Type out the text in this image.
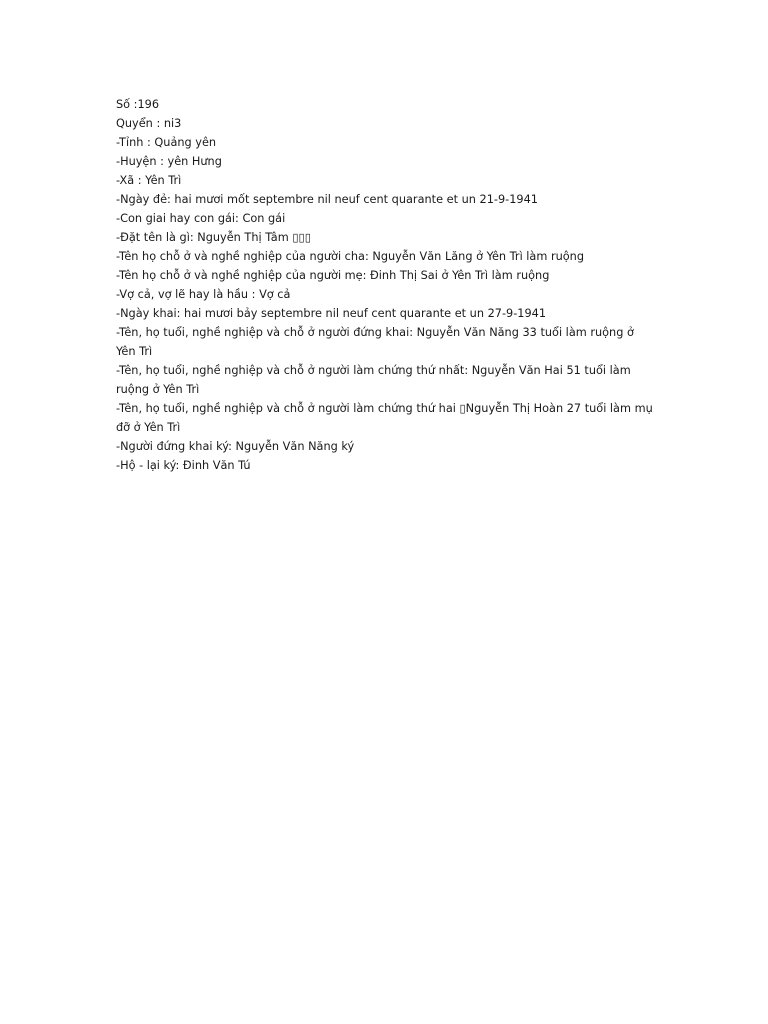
Số :196

Quyển : ni3

-Tỉnh : Quảng yên

-Huyện : yên Hưng

-Xã : Yên Trì

-Ngày đẻ: hai mươi mốt septembre nil neuf cent quarante et un 21-9-1941

-Con giai hay con gái: Con gái

-Đặt tên là gì: Nguyễn Thị Tâm ▯▯▯

-Tên họ chỗ ở và nghề nghiệp của người cha: Nguyễn Văn Lăng ở Yên Trì làm ruộng

-Tên họ chỗ ở và nghề nghiệp của người mẹ: Đinh Thị Sai ở Yên Trì làm ruộng

-Vợ cả, vợ lẽ hay là hầu : Vợ cả

-Ngày khai: hai mươi bảy septembre nil neuf cent quarante et un 27-9-1941

-Tên, họ tuổi, nghề nghiệp và chỗ ở người đứng khai: Nguyễn Văn Năng 33 tuổi làm ruộng ở Yên Trì

-Tên, họ tuổi, nghề nghiệp và chỗ ở người làm chứng thứ nhất: Nguyễn Văn Hai 51 tuổi làm ruộng ở Yên Trì

-Tên, họ tuổi, nghề nghiệp và chỗ ở người làm chứng thứ hai ▯Nguyễn Thị Hoàn 27 tuổi làm mụ đỡ ở Yên Trì

-Người đứng khai ký: Nguyễn Văn Năng ký

-Hộ - lại ký: Đinh Văn Tú
